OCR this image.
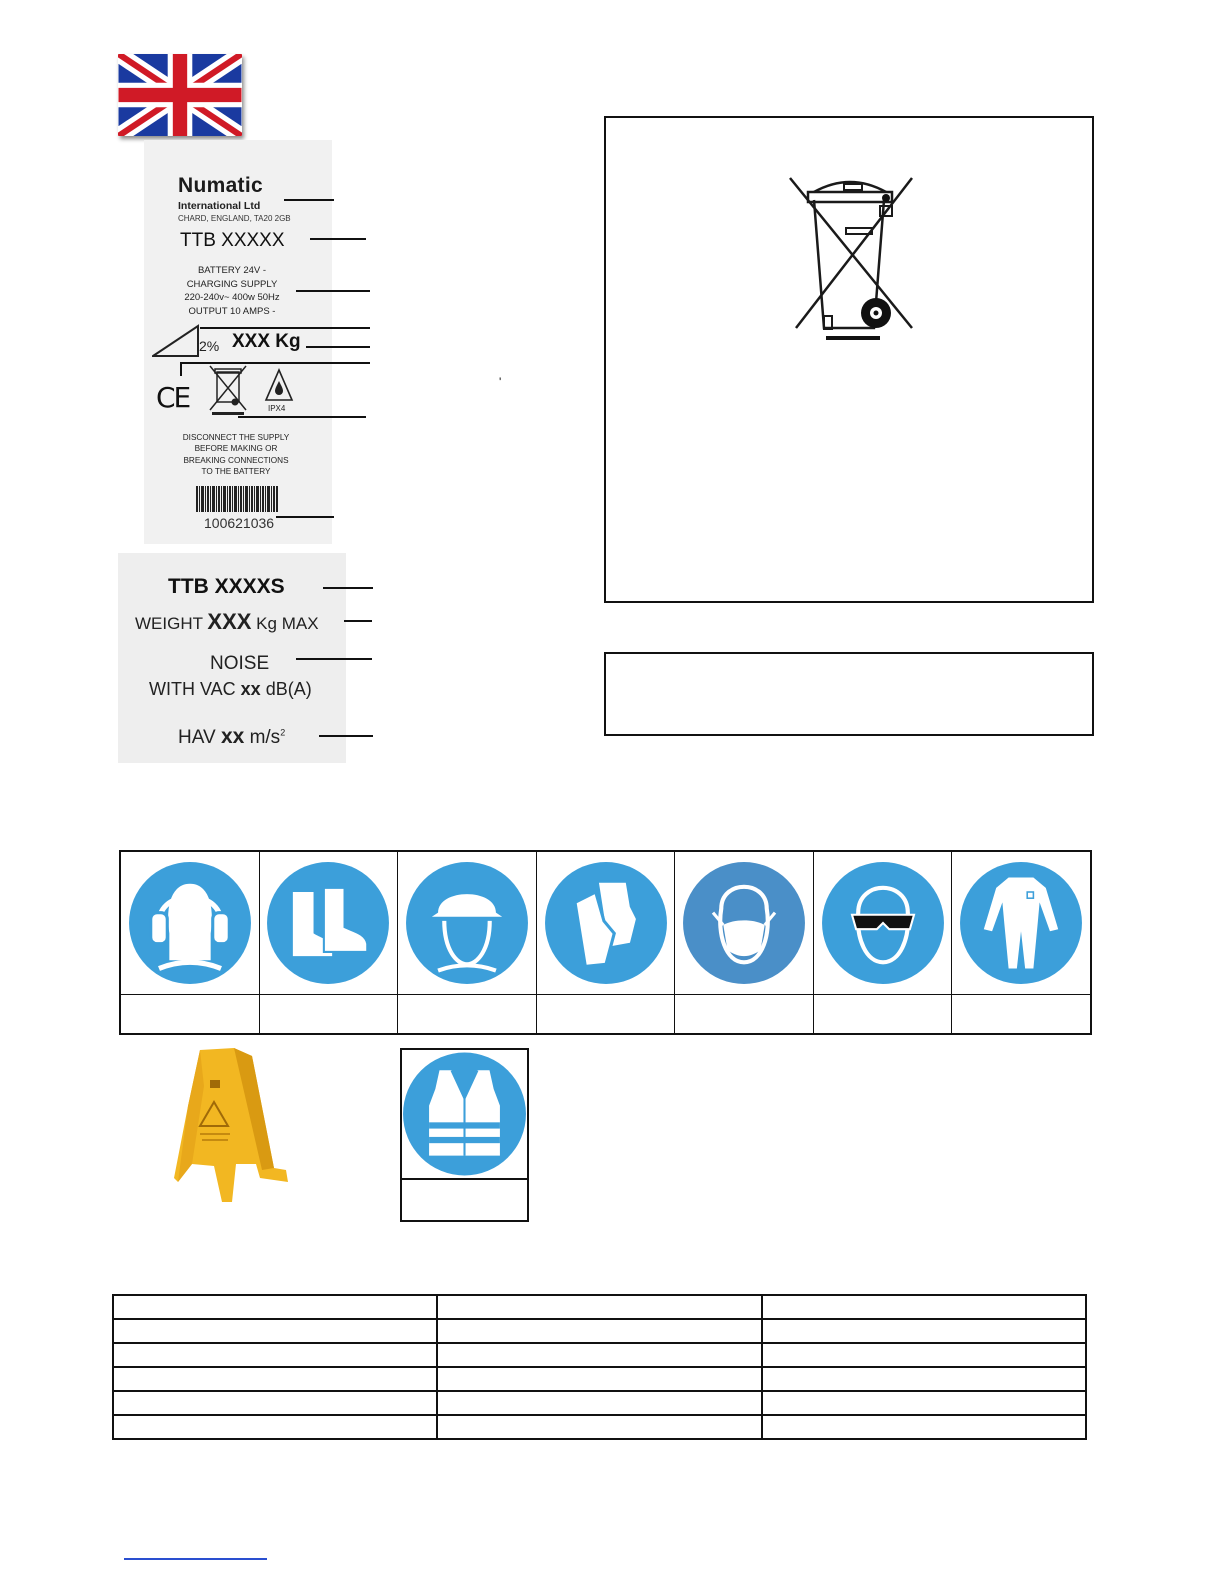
Numatic
International Ltd
CHARD, ENGLAND, TA20 2GB
TTB XXXXX
BATTERY 24V -
CHARGING SUPPLY
220-240v~ 400w 50Hz
OUTPUT 10 AMPS -
2% XXX Kg
CE	IPX4
DISCONNECT THE SUPPLY
BEFORE MAKING OR
BREAKING CONNECTIONS
TO THE BATTERY
100621036
'
TTB XXXXS
WEIGHT XXX Kg MAX
NOISE
WITH VAC xx dB(A)
HAV xx $m/s^2$
